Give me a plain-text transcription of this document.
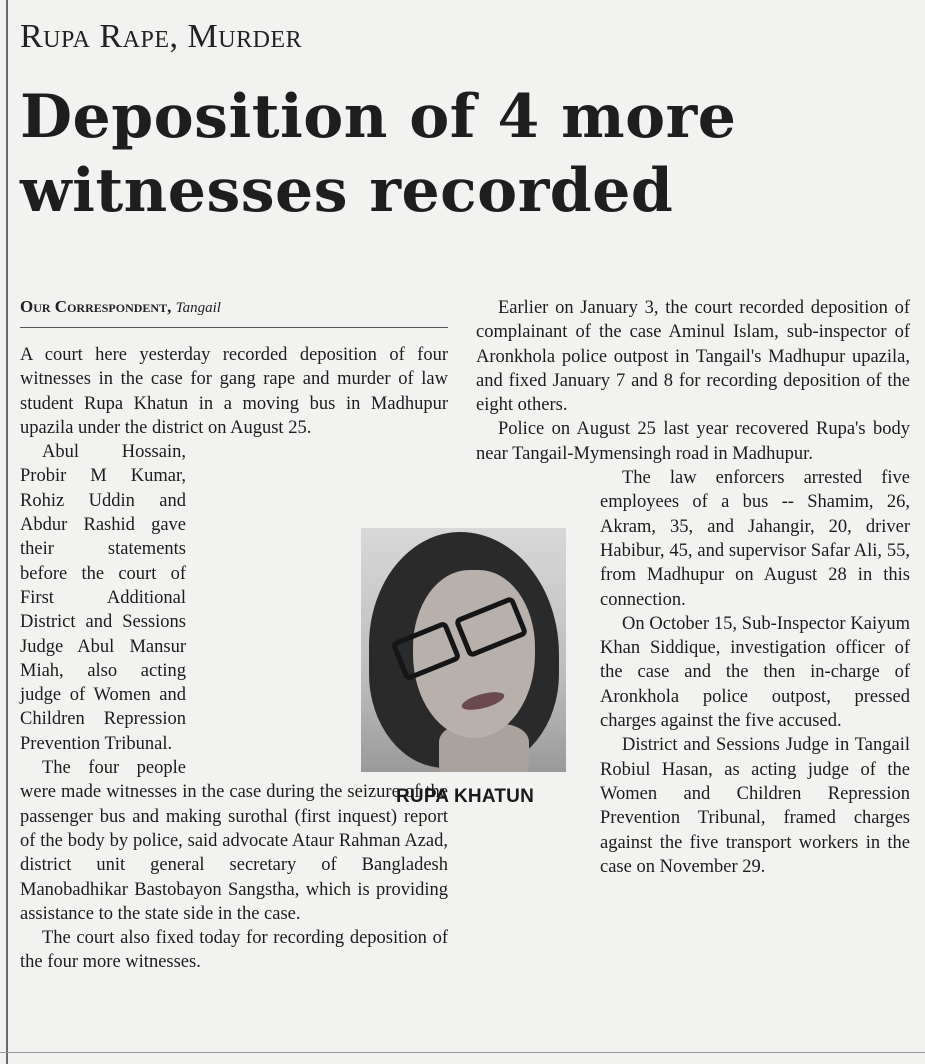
Rupa Rape, Murder
Deposition of 4 more witnesses recorded
Our Correspondent, Tangail

A court here yesterday recorded deposition of four witnesses in the case for gang rape and murder of law student Rupa Khatun in a moving bus in Madhupur upazila under the district on August 25.

Abul Hossain, Probir M Kumar, Rohiz Uddin and Abdur Rashid gave their statements before the court of First Additional District and Sessions Judge Abul Mansur Miah, also acting judge of Women and Children Repression Prevention Tribunal.

The four people were made witnesses in the case during the seizure of the passenger bus and making surothal (first inquest) report of the body by police, said advocate Ataur Rahman Azad, district unit general secretary of Bangladesh Manobadhikar Bastobayon Sangstha, which is providing assistance to the state side in the case.

The court also fixed today for recording deposition of the four more witnesses.

Earlier on January 3, the court recorded deposition of complainant of the case Aminul Islam, sub-inspector of Aronkhola police outpost in Tangail's Madhupur upazila, and fixed January 7 and 8 for recording deposition of the eight others.

Police on August 25 last year recovered Rupa's body near Tangail-Mymensingh road in Madhupur.

The law enforcers arrested five employees of a bus -- Shamim, 26, Akram, 35, and Jahangir, 20, driver Habibur, 45, and supervisor Safar Ali, 55, from Madhupur on August 28 in this connection.

On October 15, Sub-Inspector Kaiyum Khan Siddique, investigation officer of the case and the then in-charge of Aronkhola police outpost, pressed charges against the five accused.

District and Sessions Judge in Tangail Robiul Hasan, as acting judge of the Women and Children Repression Prevention Tribunal, framed charges against the five transport workers in the case on November 29.

RUPA KHATUN
